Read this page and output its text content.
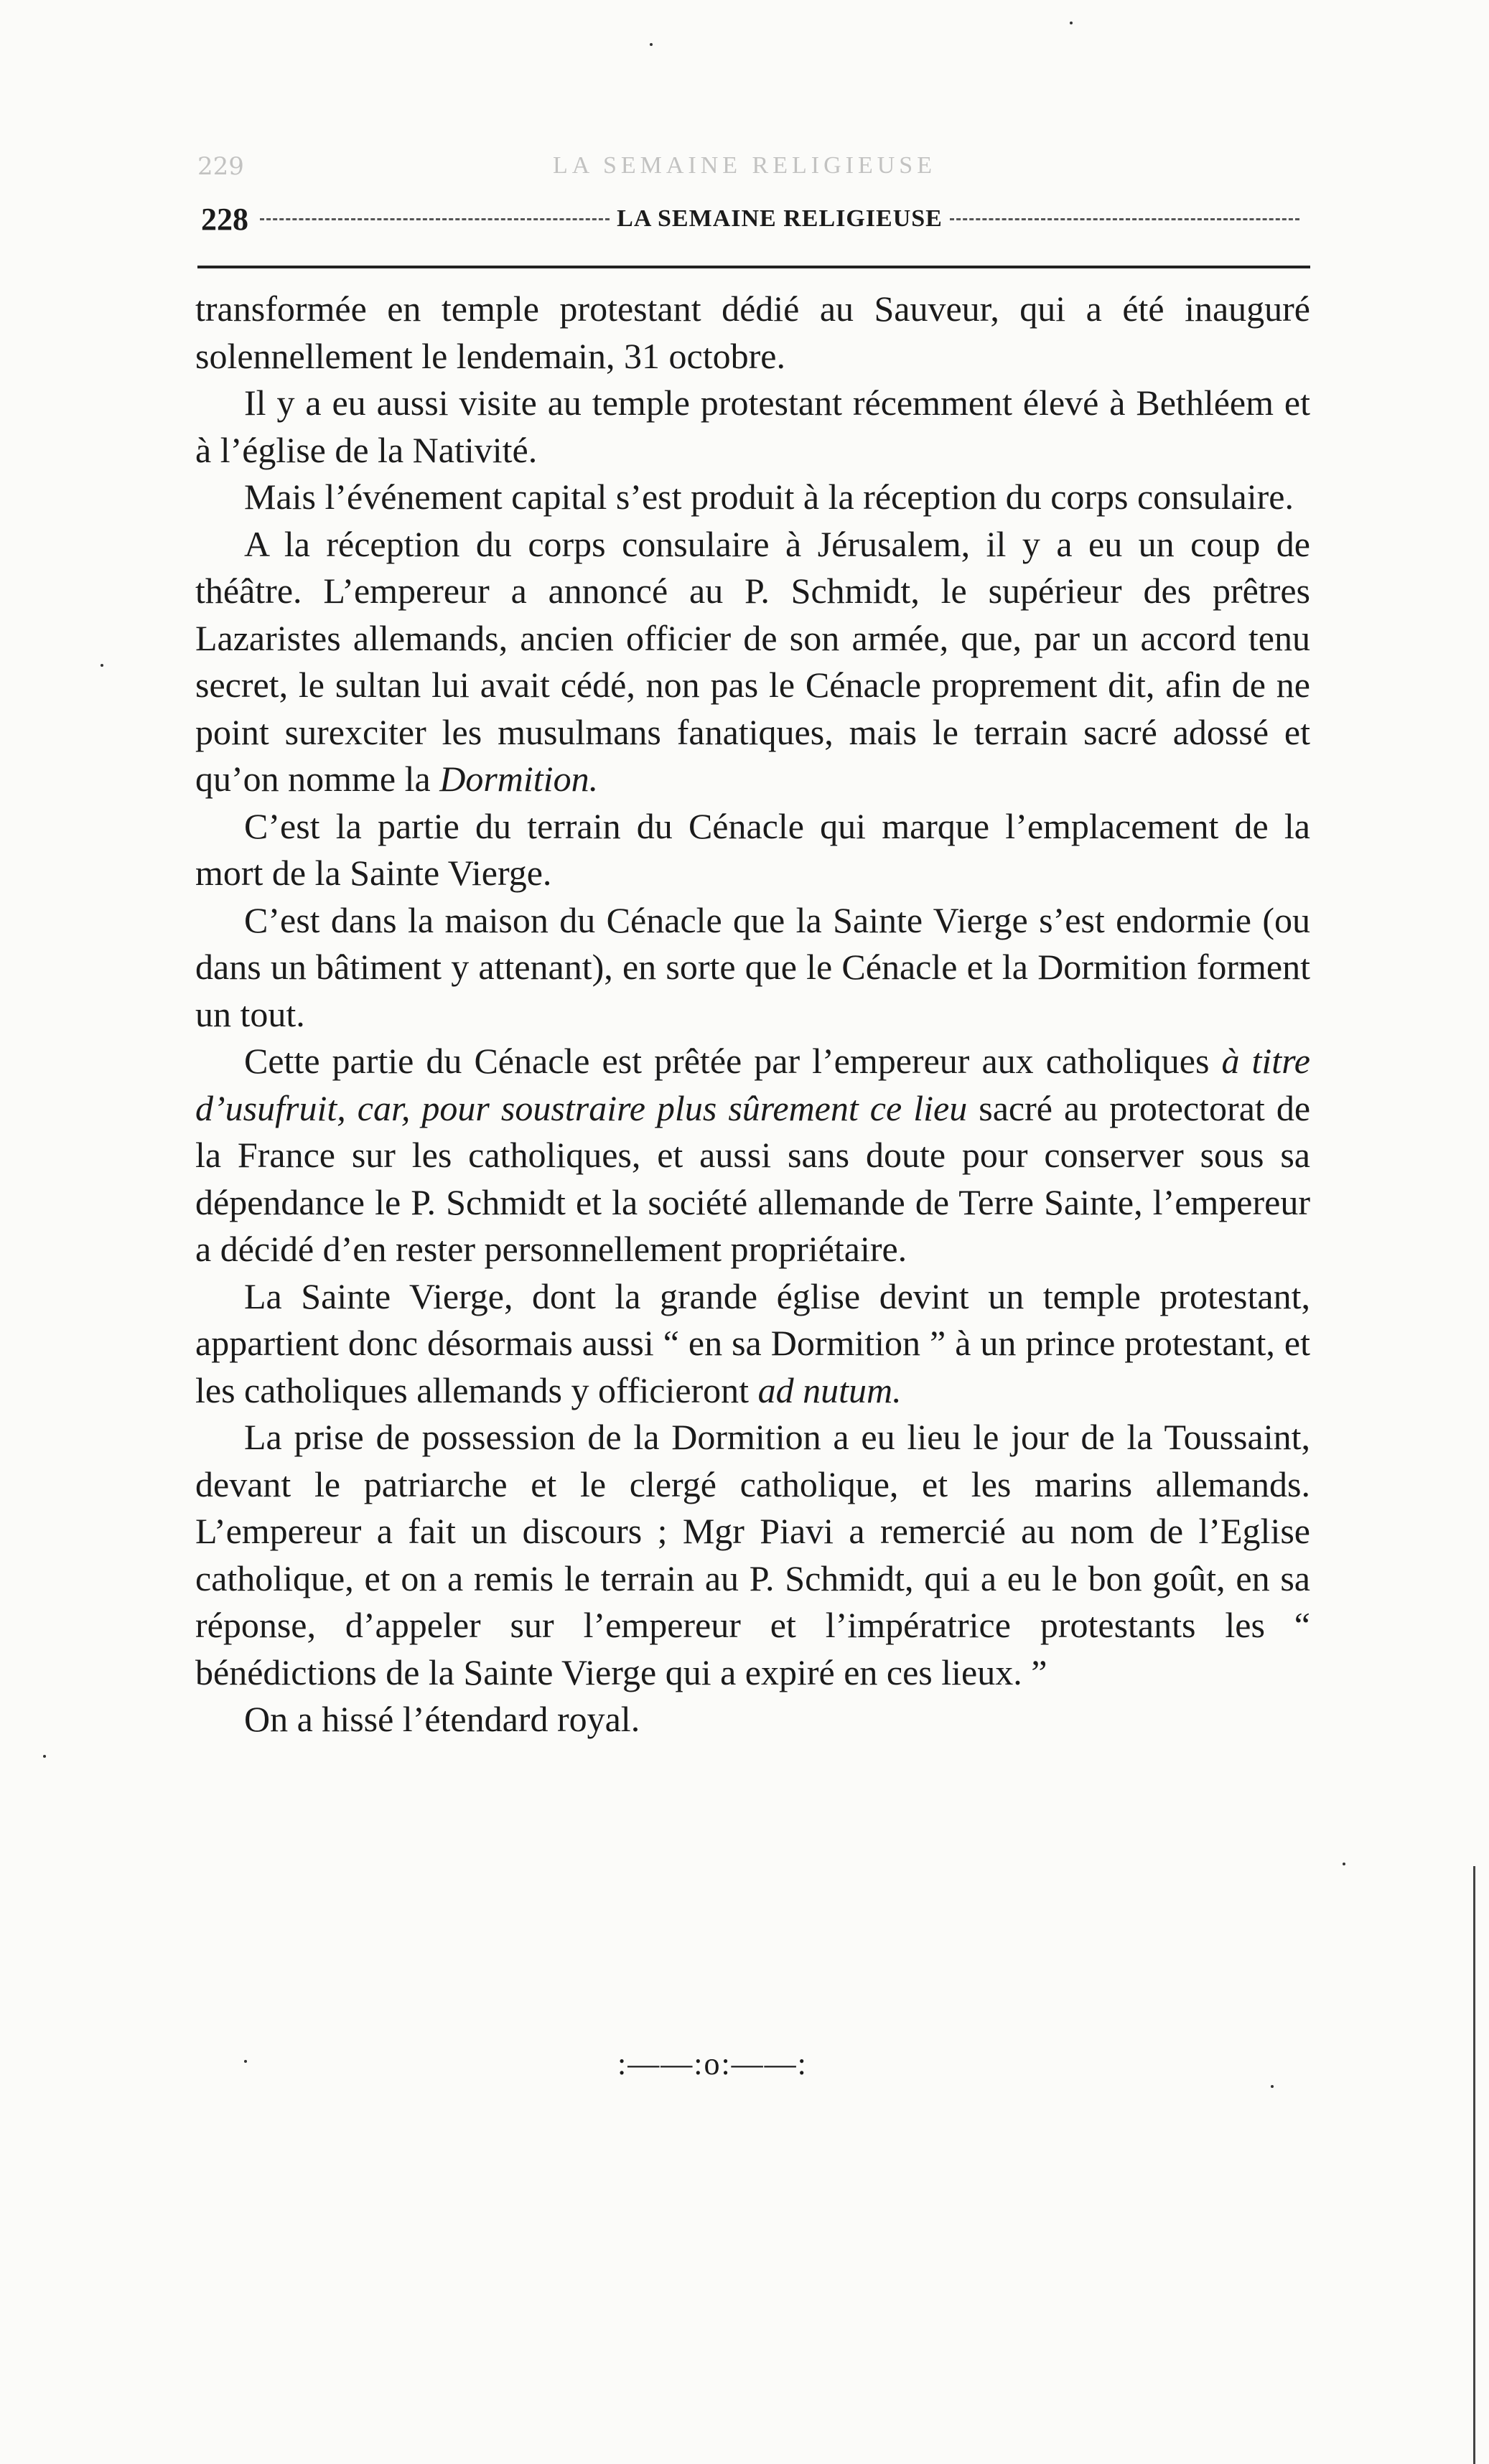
229	LA SEMAINE RELIGIEUSE
228	LA SEMAINE RELIGIEUSE

transformée en temple protestant dédié au Sauveur, qui a été inauguré solennellement le lendemain, 31 octobre.

Il y a eu aussi visite au temple protestant récemment élevé à Bethléem et à l’église de la Nativité.

Mais l’événement capital s’est produit à la réception du corps consulaire.

A la réception du corps consulaire à Jérusalem, il y a eu un coup de théâtre. L’empereur a annoncé au P. Schmidt, le supérieur des prêtres Lazaristes allemands, ancien officier de son armée, que, par un accord tenu secret, le sultan lui avait cédé, non pas le Cénacle proprement dit, afin de ne point surexciter les musulmans fanatiques, mais le terrain sacré adossé et qu’on nomme la Dormition.

C’est la partie du terrain du Cénacle qui marque l’emplacement de la mort de la Sainte Vierge.

C’est dans la maison du Cénacle que la Sainte Vierge s’est endormie (ou dans un bâtiment y attenant), en sorte que le Cénacle et la Dormition forment un tout.

Cette partie du Cénacle est prêtée par l’empereur aux catholiques à titre d’usufruit, car, pour soustraire plus sûrement ce lieu sacré au protectorat de la France sur les catholiques, et aussi sans doute pour conserver sous sa dépendance le P. Schmidt et la société allemande de Terre Sainte, l’empereur a décidé d’en rester personnellement propriétaire.

La Sainte Vierge, dont la grande église devint un temple protestant, appartient donc désormais aussi “ en sa Dormition ” à un prince protestant, et les catholiques allemands y officieront ad nutum.

La prise de possession de la Dormition a eu lieu le jour de la Toussaint, devant le patriarche et le clergé catholique, et les marins allemands. L’empereur a fait un discours ; Mgr Piavi a remercié au nom de l’Eglise catholique, et on a remis le terrain au P. Schmidt, qui a eu le bon goût, en sa réponse, d’appeler sur l’empereur et l’impératrice protestants les “ bénédictions de la Sainte Vierge qui a expiré en ces lieux. ”

On a hissé l’étendard royal.

:——:o:——:
